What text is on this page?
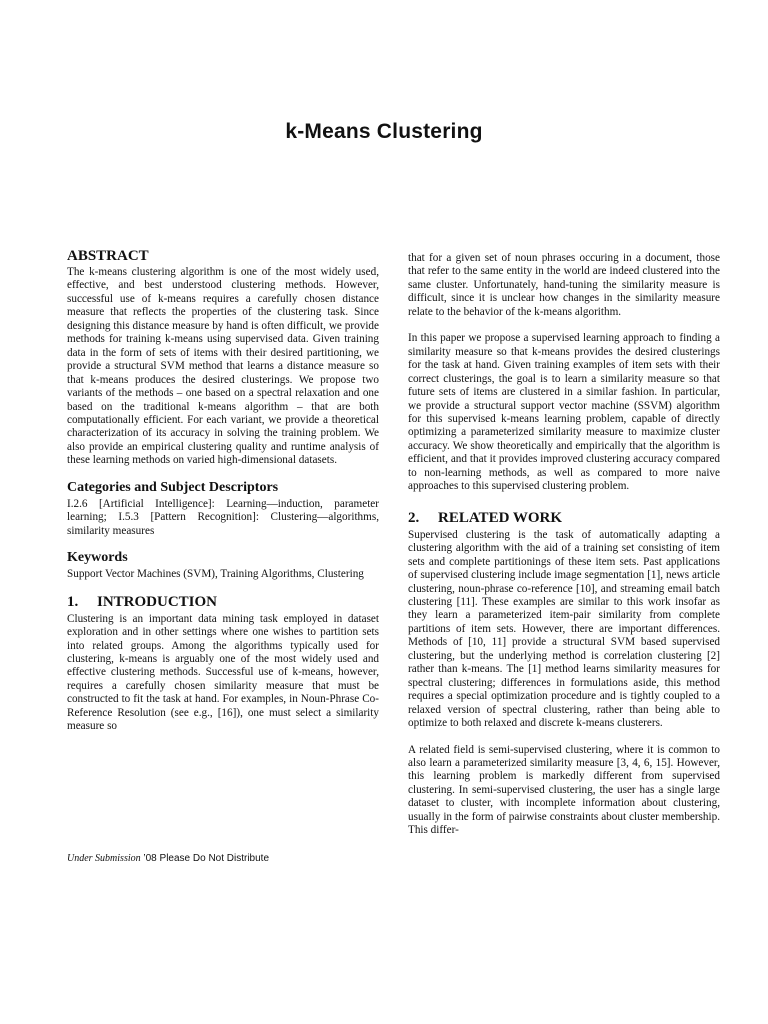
k-Means Clustering
ABSTRACT

The k-means clustering algorithm is one of the most widely used, effective, and best understood clustering methods. However, successful use of k-means requires a carefully chosen distance measure that reflects the properties of the clustering task. Since designing this distance measure by hand is often difficult, we provide methods for training k-means using supervised data. Given training data in the form of sets of items with their desired partitioning, we provide a structural SVM method that learns a distance measure so that k-means produces the desired clusterings. We propose two variants of the methods – one based on a spectral relaxation and one based on the traditional k-means algorithm – that are both computationally efficient. For each variant, we provide a theoretical characterization of its accuracy in solving the training problem. We also provide an empirical clustering quality and runtime analysis of these learning methods on varied high-dimensional datasets.

Categories and Subject Descriptors

I.2.6 [Artificial Intelligence]: Learning—induction, parameter learning; I.5.3 [Pattern Recognition]: Clustering—algorithms, similarity measures

Keywords

Support Vector Machines (SVM), Training Algorithms, Clustering

1. INTRODUCTION

Clustering is an important data mining task employed in dataset exploration and in other settings where one wishes to partition sets into related groups. Among the algorithms typically used for clustering, k-means is arguably one of the most widely used and effective clustering methods. Successful use of k-means, however, requires a carefully chosen similarity measure that must be constructed to fit the task at hand. For examples, in Noun-Phrase Co-Reference Resolution (see e.g., [16]), one must select a similarity measure so

Under Submission ’08 Please Do Not Distribute

that for a given set of noun phrases occuring in a document, those that refer to the same entity in the world are indeed clustered into the same cluster. Unfortunately, hand-tuning the similarity measure is difficult, since it is unclear how changes in the similarity measure relate to the behavior of the k-means algorithm.

In this paper we propose a supervised learning approach to finding a similarity measure so that k-means provides the desired clusterings for the task at hand. Given training examples of item sets with their correct clusterings, the goal is to learn a similarity measure so that future sets of items are clustered in a similar fashion. In particular, we provide a structural support vector machine (SSVM) algorithm for this supervised k-means learning problem, capable of directly optimizing a parameterized similarity measure to maximize cluster accuracy. We show theoretically and empirically that the algorithm is efficient, and that it provides improved clustering accuracy compared to non-learning methods, as well as compared to more naive approaches to this supervised clustering problem.

2. RELATED WORK

Supervised clustering is the task of automatically adapting a clustering algorithm with the aid of a training set consisting of item sets and complete partitionings of these item sets. Past applications of supervised clustering include image segmentation [1], news article clustering, noun-phrase co-reference [10], and streaming email batch clustering [11]. These examples are similar to this work insofar as they learn a parameterized item-pair similarity from complete partitions of item sets. However, there are important differences. Methods of [10, 11] provide a structural SVM based supervised clustering, but the underlying method is correlation clustering [2] rather than k-means. The [1] method learns similarity measures for spectral clustering; differences in formulations aside, this method requires a special optimization procedure and is tightly coupled to a relaxed version of spectral clustering, rather than being able to optimize to both relaxed and discrete k-means clusterers.

A related field is semi-supervised clustering, where it is common to also learn a parameterized similarity measure [3, 4, 6, 15]. However, this learning problem is markedly different from supervised clustering. In semi-supervised clustering, the user has a single large dataset to cluster, with incomplete information about clustering, usually in the form of pairwise constraints about cluster membership. This differ-
